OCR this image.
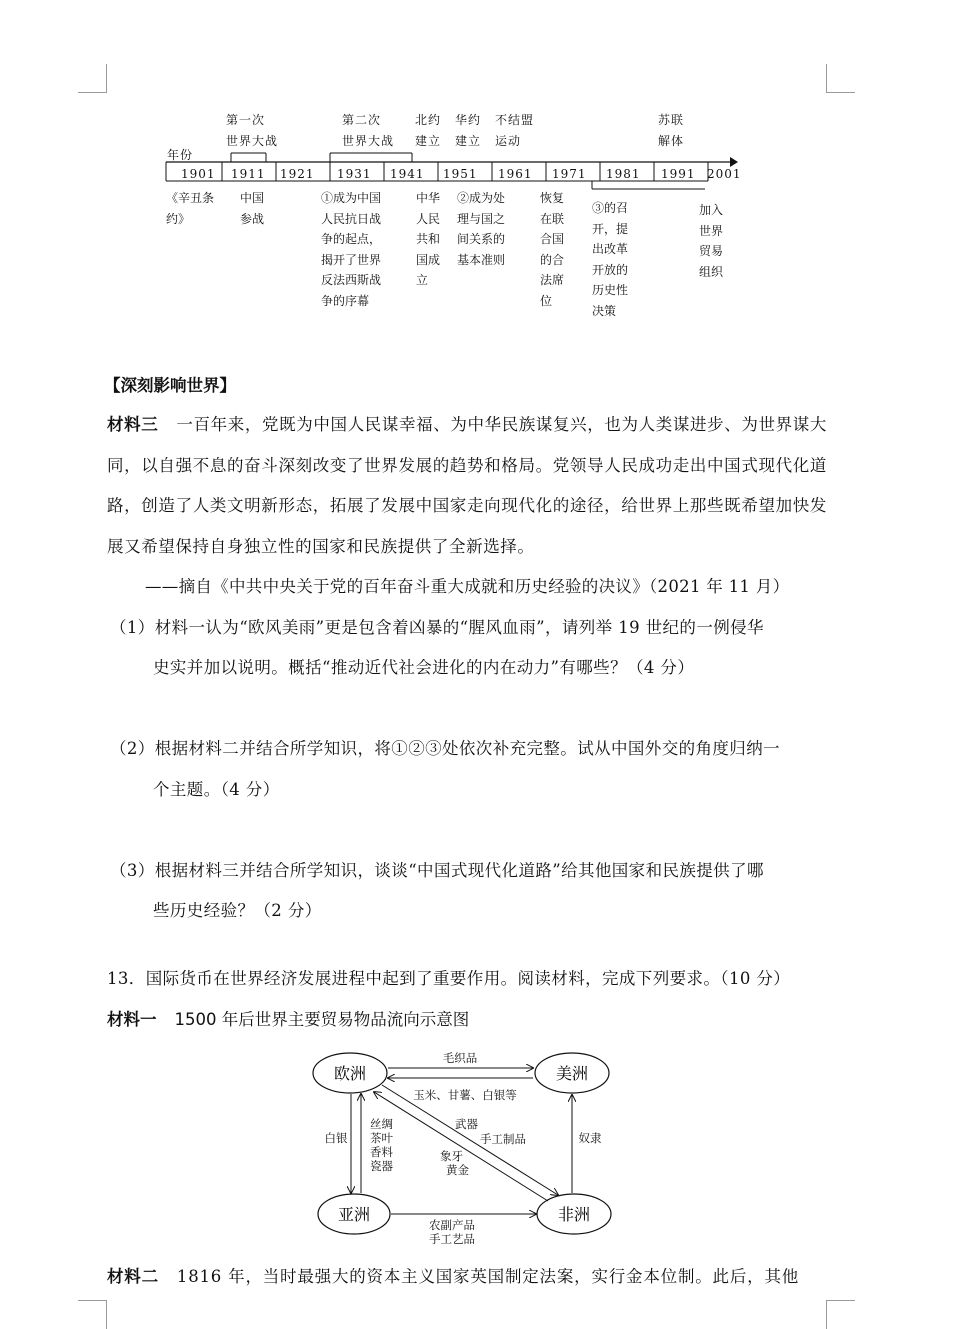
年份
1901 1911 1921 1931 1941 1951 1961 1971 1981 1991 2001
第一次
世界大战
第二次
世界大战
北约
建立
华约
建立
不结盟
运动
苏联
解体
《辛丑条约》
中国参战
①成为中国人民抗日战争的起点，揭开了世界反法西斯战争的序幕
中华人民共和国成立
②成为处理与国之间关系的基本准则
恢复在联合国的合法席位
③的召开，提出改革开放的历史性决策
加入世界贸易组织
【深刻影响世界】
材料三 一百年来，党既为中国人民谋幸福、为中华民族谋复兴，也为人类谋进步、为世界谋大同，以自强不息的奋斗深刻改变了世界发展的趋势和格局。党领导人民成功走出中国式现代化道路，创造了人类文明新形态，拓展了发展中国家走向现代化的途径，给世界上那些既希望加快发展又希望保持自身独立性的国家和民族提供了全新选择。
——摘自《中共中央关于党的百年奋斗重大成就和历史经验的决议》（2021 年 11 月）
（1）材料一认为“欧风美雨”更是包含着凶暴的“腥风血雨”，请列举 19 世纪的一例侵华
史实并加以说明。概括“推动近代社会进化的内在动力”有哪些？（4 分）
（2）根据材料二并结合所学知识，将①②③处依次补充完整。试从中国外交的角度归纳一
个主题。（4 分）
（3）根据材料三并结合所学知识，谈谈“中国式现代化道路”给其他国家和民族提供了哪
些历史经验？（2 分）
13．国际货币在世界经济发展进程中起到了重要作用。阅读材料，完成下列要求。（10 分）
材料一 1500 年后世界主要贸易物品流向示意图
欧洲	美洲
亚洲	非洲
毛织品
玉米、甘薯、白银等
白银
丝绸
茶叶
香料
瓷器
武器
手工制品
象牙
黄金
奴隶
农副产品
手工艺品
材料二 1816 年，当时最强大的资本主义国家英国制定法案，实行金本位制。此后，其他
